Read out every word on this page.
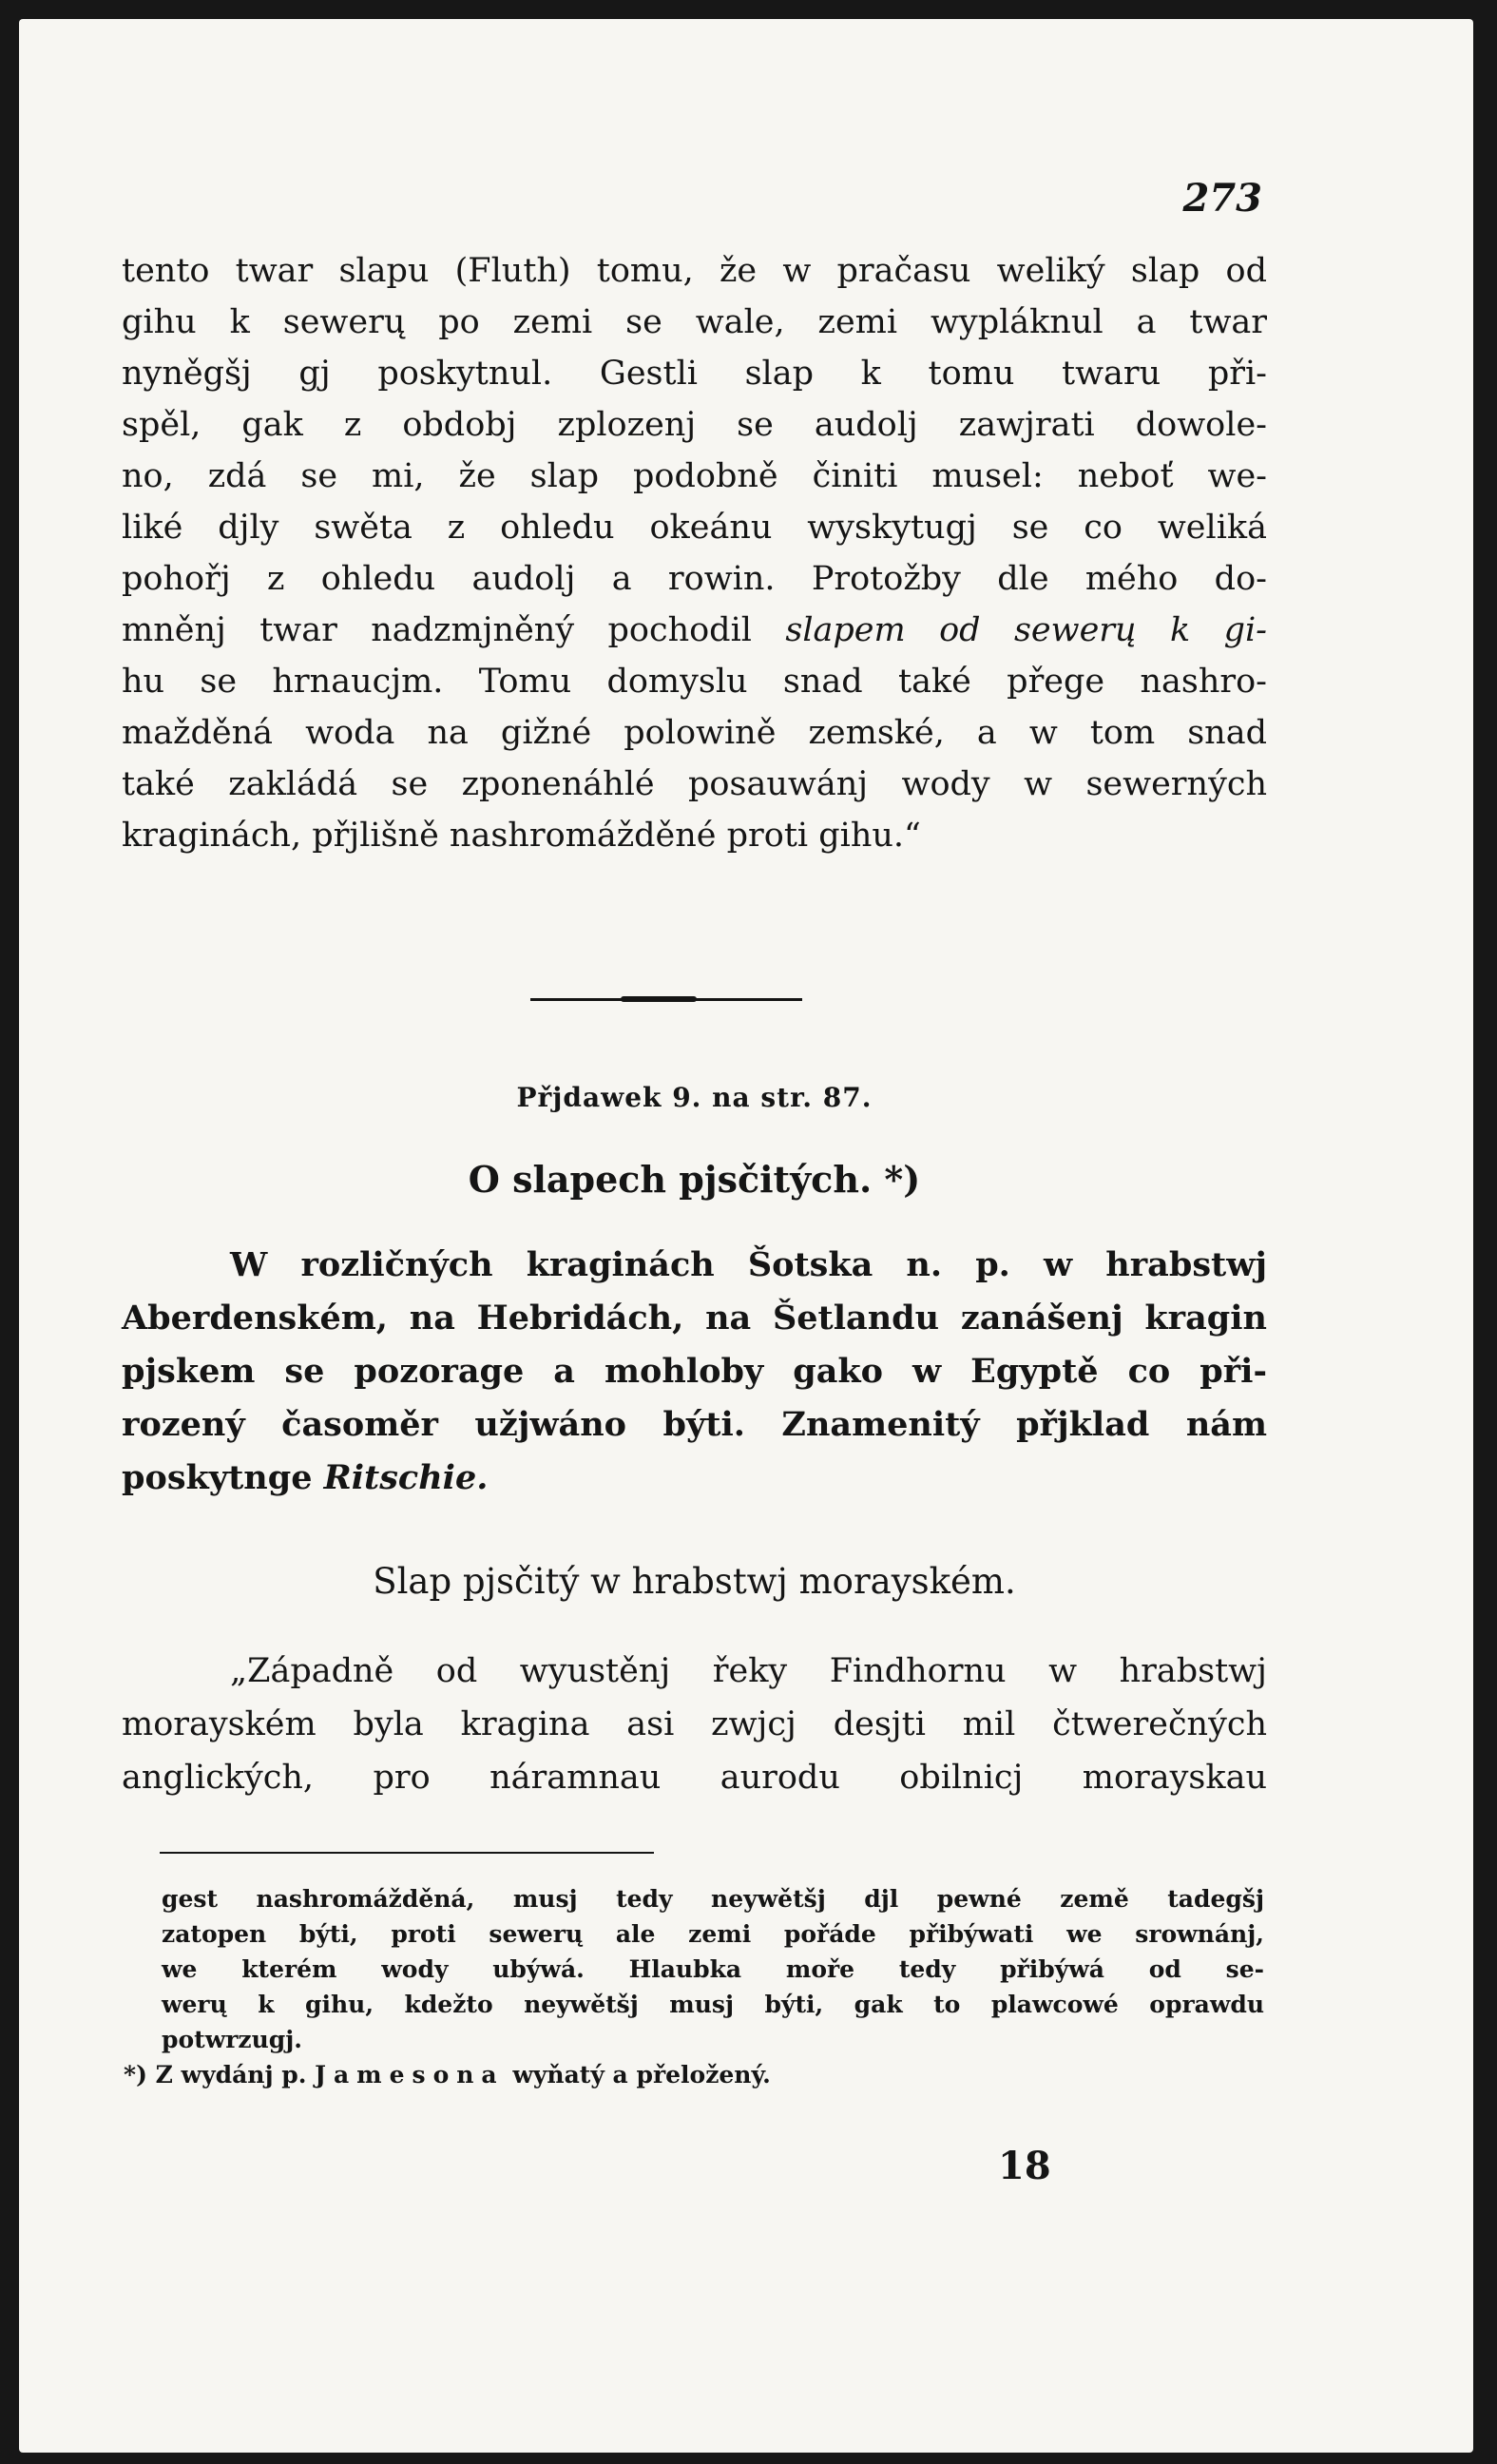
273
tento twar slapu (Fluth) tomu, že w pračasu weliký slap od
gihu k sewerų po zemi se wale, zemi wypláknul a twar
nyněgšj gj poskytnul. Gestli slap k tomu twaru při-
spěl, gak z obdobj zplozenj se audolj zawjrati dowole-
no, zdá se mi, že slap podobně činiti musel: neboť we-
liké djly swěta z ohledu okeánu wyskytugj se co weliká
pohořj z ohledu audolj a rowin. Protožby dle mého do-
mněnj twar nadzmjněný pochodil slapem od sewerų k gi-
hu se hrnaucjm. Tomu domyslu snad také přege nashro-
mažděná woda na gižné polowině zemské, a w tom snad
také zakládá se zponenáhlé posauwánj wody w sewerných
kraginách, přjlišně nashromážděné proti gihu.“
Přjdawek 9. na str. 87.
O slapech pjsčitých. *)
W rozličných kraginách Šotska n. p. w hrabstwj
Aberdenském, na Hebridách, na Šetlandu zanášenj kragin
pjskem se pozorage a mohloby gako w Egyptě co při-
rozený časoměr užjwáno býti. Znamenitý přjklad nám
poskytnge Ritschie.
Slap pjsčitý w hrabstwj morayském.
„Západně od wyustěnj řeky Findhornu w hrabstwj
morayském byla kragina asi zwjcj desjti mil čtwerečných
anglických, pro náramnau aurodu obilnicj morayskau
gest nashromážděná, musj tedy neywětšj djl pewné země tadegšj
zatopen býti, proti sewerų ale zemi pořáde přibýwati we srownánj,
we kterém wody ubýwá. Hlaubka moře tedy přibýwá od se-
werų k gihu, kdežto neywětšj musj býti, gak to plawcowé oprawdu
potwrzugj.
*) Z wydánj p. Jamesona wyňatý a přeložený.
18
